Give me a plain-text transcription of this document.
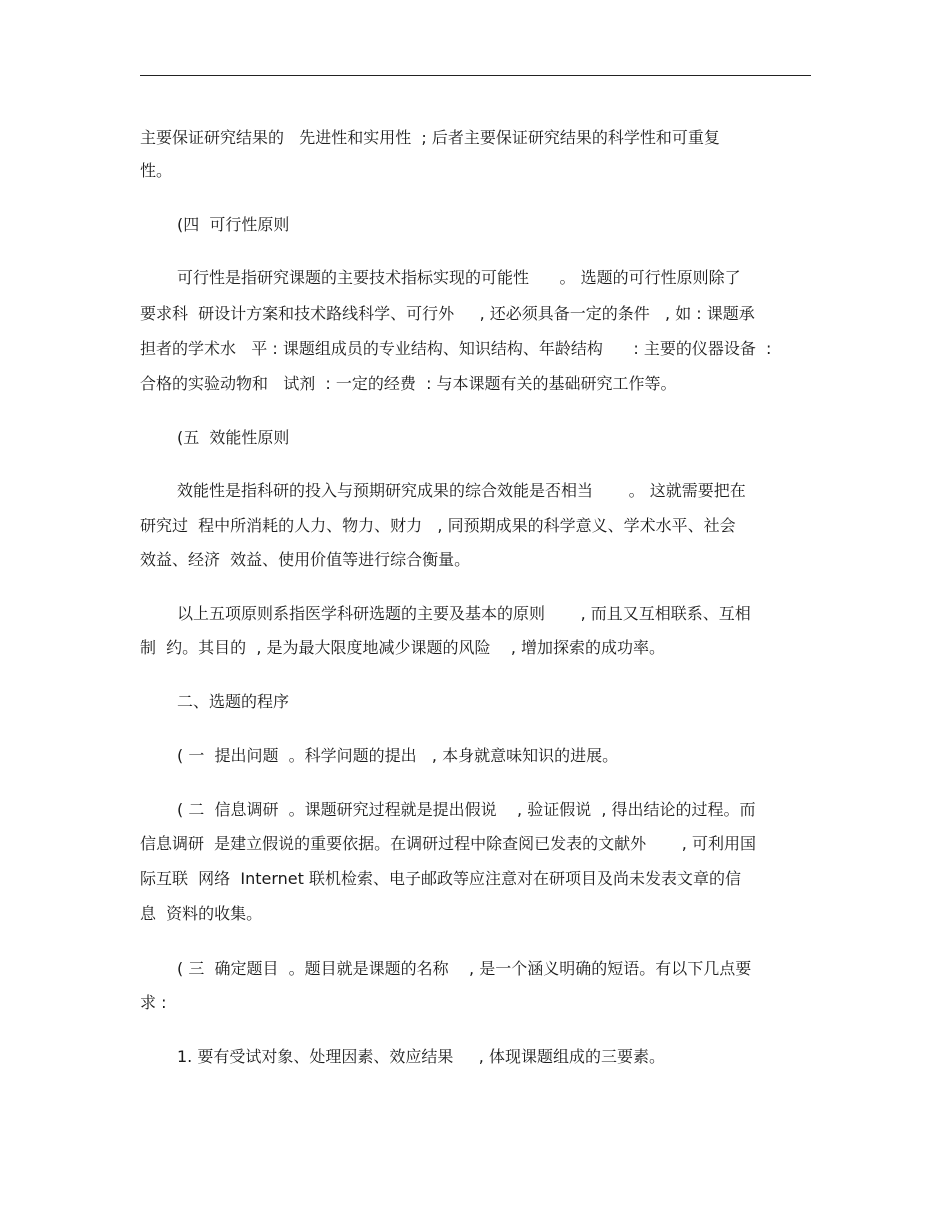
主要保证研究结果的   先进性和实用性  ; 后者主要保证研究结果的科学性和可重复
性。
(四  可行性原则
可行性是指研究课题的主要技术指标实现的可能性      。 选题的可行性原则除了
要求科  研设计方案和技术路线科学、可行外     , 还必须具备一定的条件   , 如 : 课题承
担者的学术水   平 : 课题组成员的专业结构、知识结构、年龄结构      : 主要的仪器设备  :
合格的实验动物和   试剂  : 一定的经费  : 与本课题有关的基础研究工作等。
(五  效能性原则
效能性是指科研的投入与预期研究成果的综合效能是否相当       。 这就需要把在
研究过  程中所消耗的人力、物力、财力   , 同预期成果的科学意义、学术水平、社会
效益、经济  效益、使用价值等进行综合衡量。
以上五项原则系指医学科研选题的主要及基本的原则       , 而且又互相联系、互相
制  约。其目的  , 是为最大限度地减少课题的风险    , 增加探索的成功率。
二、选题的程序
( 一  提出问题  。科学问题的提出   , 本身就意味知识的进展。
( 二  信息调研  。课题研究过程就是提出假说    , 验证假说  , 得出结论的过程。而
信息调研  是建立假说的重要依据。在调研过程中除查阅已发表的文献外       , 可利用国
际互联  网络  Internet 联机检索、电子邮政等应注意对在研项目及尚未发表文章的信
息  资料的收集。
( 三  确定题目  。题目就是课题的名称    , 是一个涵义明确的短语。有以下几点要
求 :
1. 要有受试对象、处理因素、效应结果     , 体现课题组成的三要素。
